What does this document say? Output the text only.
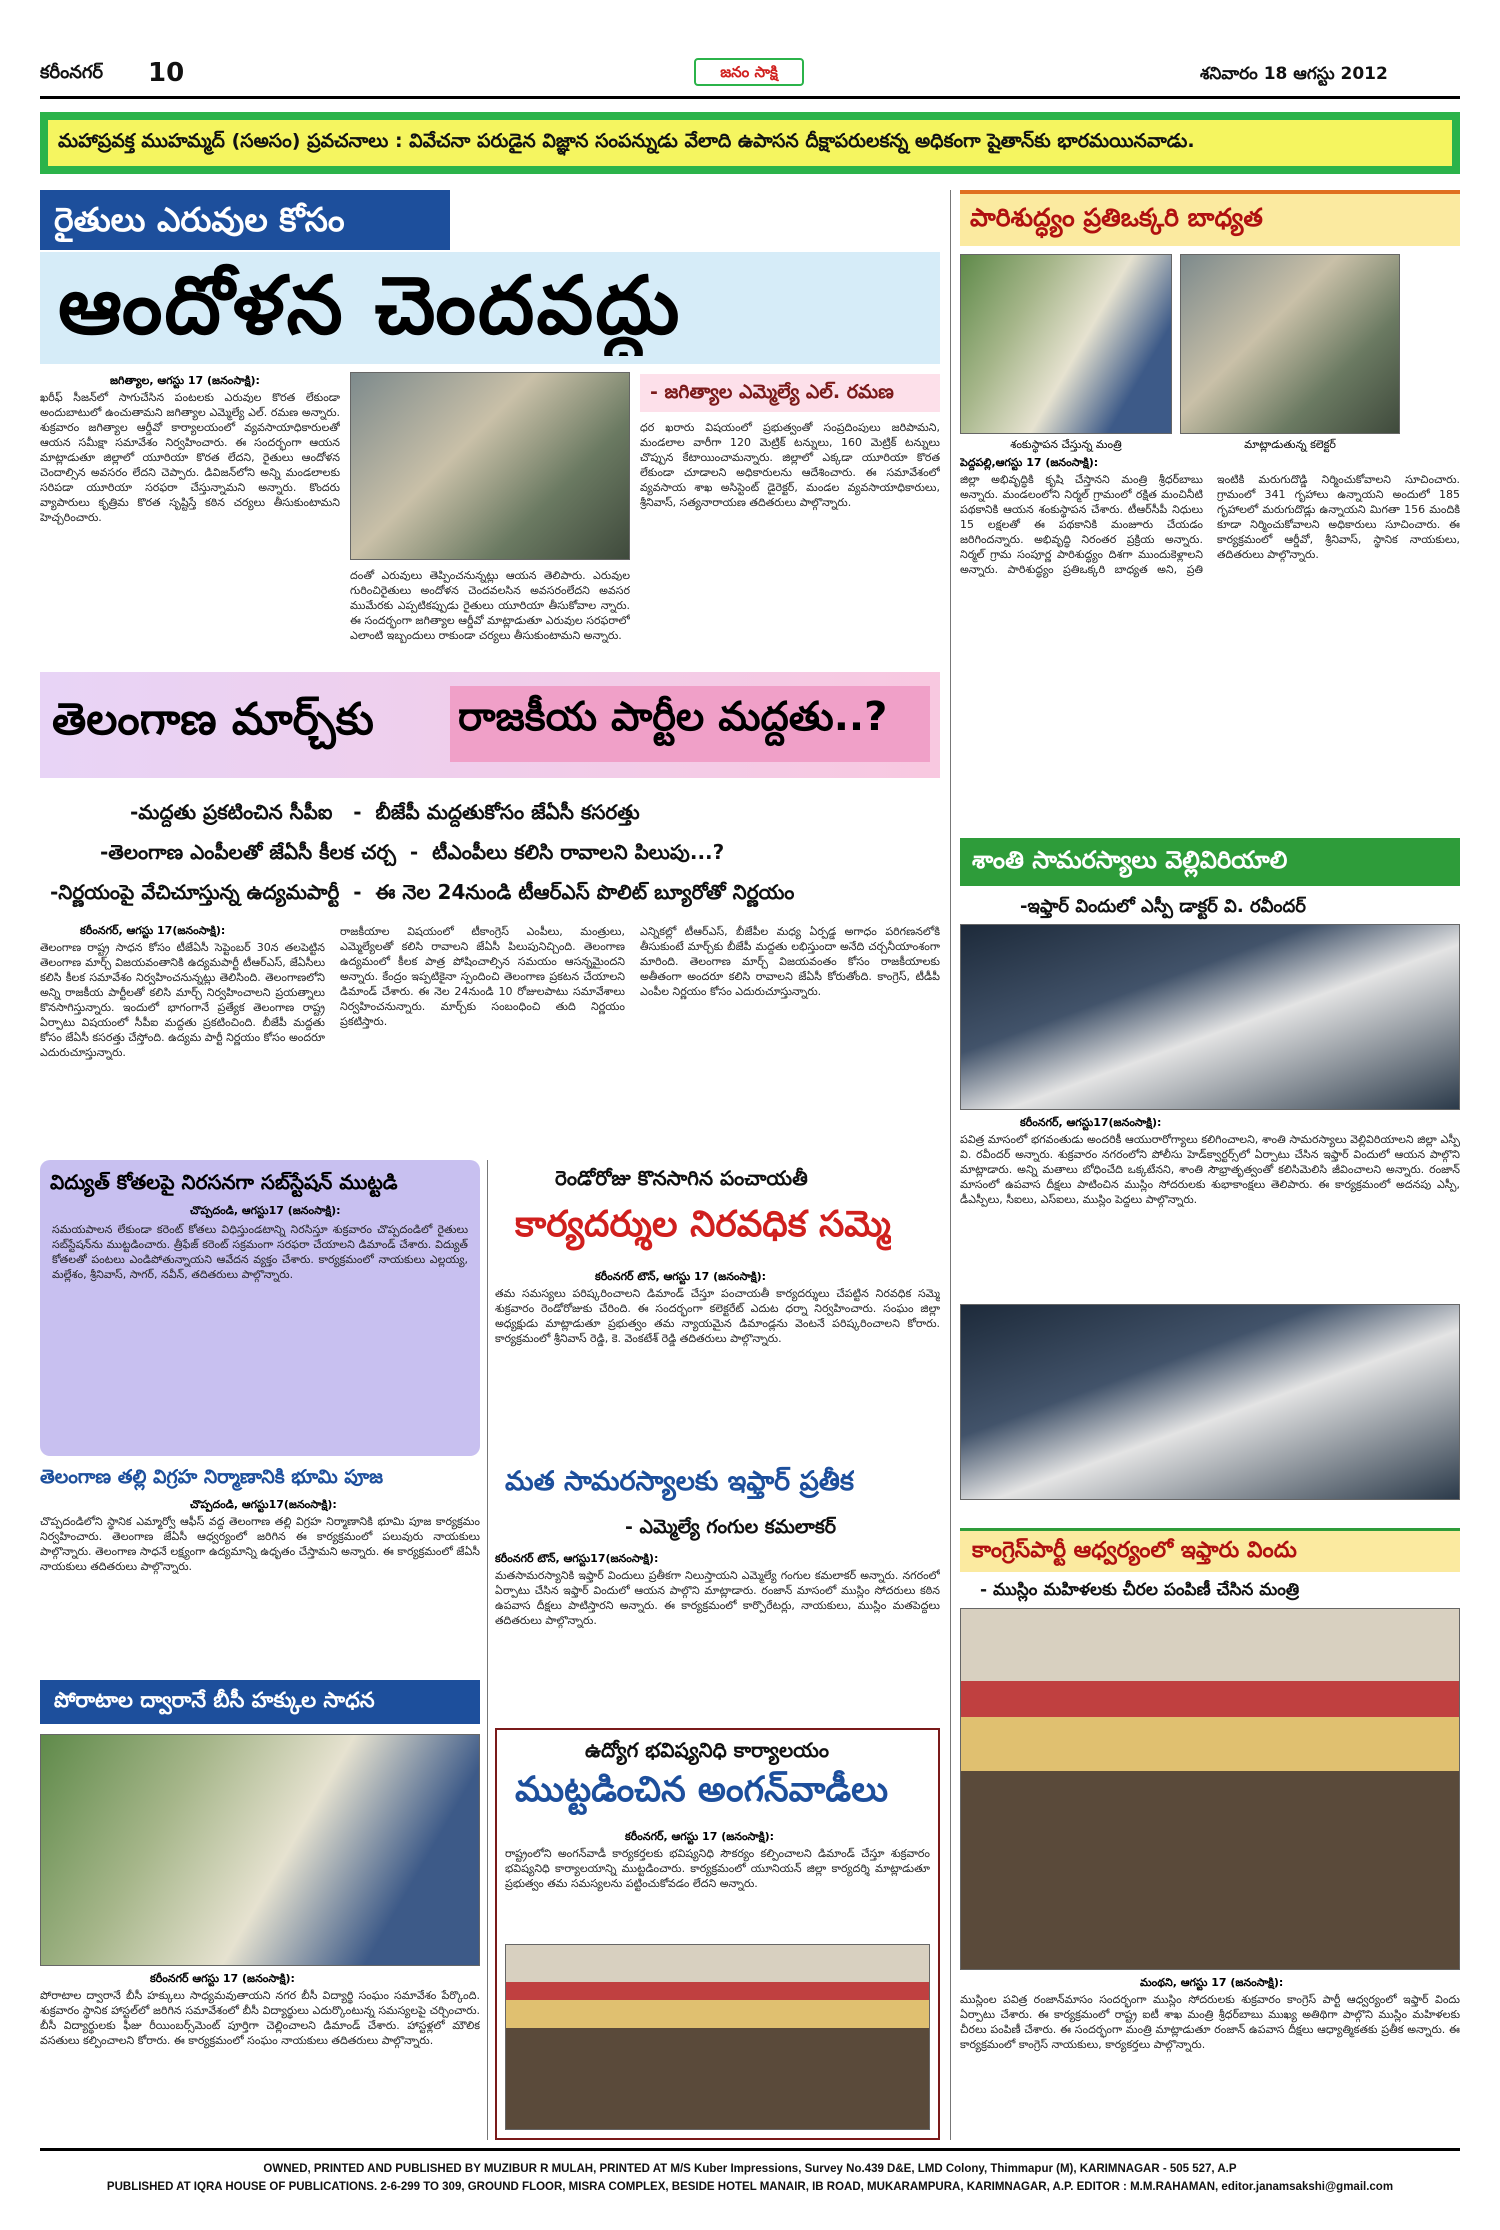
కరీంనగర్ 10	జనం సాక్షి	శనివారం 18 ఆగస్టు 2012
మహాప్రవక్త ముహమ్మద్ (సఅసం) ప్రవచనాలు : వివేచనా పరుడైన విజ్ఞాన సంపన్నుడు వేలాది ఉపాసన దీక్షాపరులకన్న అధికంగా షైతాన్‌కు భారమయినవాడు.
రైతులు ఎరువుల కోసం
ఆందోళన చెందవద్దు
జగిత్యాల, ఆగస్టు 17 (జనంసాక్షి):

ఖరీఫ్ సీజన్‌లో సాగుచేసిన పంటలకు ఎరువుల కొరత లేకుండా అందుబాటులో ఉంచుతామని జగిత్యాల ఎమ్మెల్యే ఎల్. రమణ అన్నారు. శుక్రవారం జగిత్యాల ఆర్డీవో కార్యాలయంలో వ్యవసాయాధికారులతో ఆయన సమీక్షా సమావేశం నిర్వహించారు. ఈ సందర్భంగా ఆయన మాట్లాడుతూ జిల్లాలో యూరియా కొరత లేదని, రైతులు ఆందోళన చెందాల్సిన అవసరం లేదని చెప్పారు. డివిజన్‌లోని అన్ని మండలాలకు సరిపడా యూరియా సరఫరా చేస్తున్నామని అన్నారు. కొందరు వ్యాపారులు కృత్రిమ కొరత సృష్టిస్తే కఠిన చర్యలు తీసుకుంటామని హెచ్చరించారు.

దంతో ఎరువులు తెప్పించనున్నట్లు ఆయన తెలిపారు. ఎరువుల గురించిరైతులు అందోళన చెందవలసిన అవసరంలేదని అవసర ముమేరకు ఎప్పటికప్పుడు రైతులు యూరియా తీసుకోవాల న్నారు. ఈ సందర్భంగా జగిత్యాల ఆర్డీవో మాట్లాడుతూ ఎరువుల సరఫరాలో ఎలాంటి ఇబ్బందులు రాకుండా చర్యలు తీసుకుంటామని అన్నారు.

- జగిత్యాల ఎమ్మెల్యే ఎల్. రమణ

ధర ఖరారు విషయంలో ప్రభుత్వంతో సంప్రదింపులు జరిపామని, మండలాల వారీగా 120 మెట్రిక్ టన్నులు, 160 మెట్రిక్ టన్నులు చొప్పున కేటాయించామన్నారు. జిల్లాలో ఎక్కడా యూరియా కొరత లేకుండా చూడాలని అధికారులను ఆదేశించారు. ఈ సమావేశంలో వ్యవసాయ శాఖ అసిస్టెంట్ డైరెక్టర్, మండల వ్యవసాయాధికారులు, శ్రీనివాస్, సత్యనారాయణ తదితరులు పాల్గొన్నారు.

పారిశుద్ధ్యం ప్రతిఒక్కరి బాధ్యత
శంకుస్థాపన చేస్తున్న మంత్రి	మాట్లాడుతున్న కలెక్టర్
పెద్దపల్లి,ఆగస్టు 17 (జనంసాక్షి):

జిల్లా అభివృద్ధికి కృషి చేస్తానని మంత్రి శ్రీధర్‌బాబు అన్నారు. మండలంలోని నిర్మల్ గ్రామంలో రక్షిత మంచినీటి పథకానికి ఆయన శంకుస్థాపన చేశారు. టీఆర్‌సీపీ నిధులు 15 లక్షలతో ఈ పథకానికి మంజూరు చేయడం జరిగిందన్నారు. అభివృద్ధి నిరంతర ప్రక్రియ అన్నారు. నిర్మల్ గ్రామ సంపూర్ణ పారిశుద్ధ్యం దిశగా ముందుకెళ్లాలని అన్నారు. పారిశుద్ధ్యం ప్రతిఒక్కరి బాధ్యత అని, ప్రతి ఇంటికి మరుగుదొడ్డి నిర్మించుకోవాలని సూచించారు. గ్రామంలో 341 గృహాలు ఉన్నాయని అందులో 185 గృహాలలో మరుగుదొడ్లు ఉన్నాయని మిగతా 156 మందికి కూడా నిర్మించుకోవాలని అధికారులు సూచించారు. ఈ కార్యక్రమంలో ఆర్డీవో, శ్రీనివాస్, స్థానిక నాయకులు, తదితరులు పాల్గొన్నారు.

తెలంగాణ మార్చ్‌కు రాజకీయ పార్టీల మద్దతు..?

-మద్దతు ప్రకటించిన సీపీఐ   -  బీజేపీ మద్దతుకోసం జేఏసీ కసరత్తు

-తెలంగాణ ఎంపీలతో జేఏసీ కీలక చర్చ  -  టీఎంపీలు కలిసి రావాలని పిలుపు...?

-నిర్ణయంపై వేచిచూస్తున్న ఉద్యమపార్టీ  -  ఈ నెల 24నుండి టీఆర్‌ఎస్ పొలిట్ బ్యూరోతో నిర్ణయం

కరీంనగర్, ఆగస్టు 17(జనంసాక్షి):

తెలంగాణ రాష్ట్ర సాధన కోసం టీజేఏసీ సెప్టెంబర్ 30న తలపెట్టిన తెలంగాణ మార్చ్ విజయవంతానికి ఉద్యమపార్టీ టీఆర్‌ఎస్, జేఏసీలు కలిసి కీలక సమావేశం నిర్వహించనున్నట్లు తెలిసింది. తెలంగాణలోని అన్ని రాజకీయ పార్టీలతో కలిసి మార్చ్ నిర్వహించాలని ప్రయత్నాలు కొనసాగిస్తున్నారు. ఇందులో భాగంగానే ప్రత్యేక తెలంగాణ రాష్ట్ర ఏర్పాటు విషయంలో సీపీఐ మద్దతు ప్రకటించింది. బీజేపీ మద్దతు కోసం జేఏసీ కసరత్తు చేస్తోంది. ఉద్యమ పార్టీ నిర్ణయం కోసం అందరూ ఎదురుచూస్తున్నారు.

రాజకీయాల విషయంలో టీకాంగ్రెస్ ఎంపీలు, మంత్రులు, ఎమ్మెల్యేలతో కలిసి రావాలని జేఏసీ పిలుపునిచ్చింది. తెలంగాణ ఉద్యమంలో కీలక పాత్ర పోషించాల్సిన సమయం ఆసన్నమైందని అన్నారు. కేంద్రం ఇప్పటికైనా స్పందించి తెలంగాణ ప్రకటన చేయాలని డిమాండ్ చేశారు. ఈ నెల 24నుండి 10 రోజులపాటు సమావేశాలు నిర్వహించనున్నారు. మార్చ్‌కు సంబంధించి తుది నిర్ణయం ప్రకటిస్తారు.

ఎన్నికల్లో టీఆర్‌ఎస్, బీజేపీల మధ్య ఏర్పడ్డ అగాధం పరిగణనలోకి తీసుకుంటే మార్చ్‌కు బీజేపీ మద్దతు లభిస్తుందా అనేది చర్చనీయాంశంగా మారింది. తెలంగాణ మార్చ్ విజయవంతం కోసం రాజకీయాలకు అతీతంగా అందరూ కలిసి రావాలని జేఏసీ కోరుతోంది. కాంగ్రెస్, టీడీపీ ఎంపీల నిర్ణయం కోసం ఎదురుచూస్తున్నారు.

శాంతి సామరస్యాలు వెల్లివిరియాలి
-ఇఫ్తార్ విందులో ఎస్పీ డాక్టర్ వి. రవీందర్
కరీంనగర్, ఆగస్టు17(జనంసాక్షి):

పవిత్ర మాసంలో భగవంతుడు అందరికీ ఆయురారోగ్యాలు కలిగించాలని, శాంతి సామరస్యాలు వెల్లివిరియాలని జిల్లా ఎస్పీ వి. రవీందర్ అన్నారు. శుక్రవారం నగరంలోని పోలీసు హెడ్‌క్వార్టర్స్‌లో ఏర్పాటు చేసిన ఇఫ్తార్ విందులో ఆయన పాల్గొని మాట్లాడారు. అన్ని మతాలు బోధించేది ఒక్కటేనని, శాంతి సౌభ్రాతృత్వంతో కలిసిమెలిసి జీవించాలని అన్నారు. రంజాన్ మాసంలో ఉపవాస దీక్షలు పాటించిన ముస్లిం సోదరులకు శుభాకాంక్షలు తెలిపారు. ఈ కార్యక్రమంలో అదనపు ఎస్పీ, డీఎస్పీలు, సీఐలు, ఎస్‌ఐలు, ముస్లిం పెద్దలు పాల్గొన్నారు.

విద్యుత్ కోతలపై నిరసనగా సబ్‌స్టేషన్ ముట్టడి
చొప్పదండి, ఆగస్టు17 (జనంసాక్షి):

సమయపాలన లేకుండా కరెంట్ కోతలు విధిస్తుండటాన్ని నిరసిస్తూ శుక్రవారం చొప్పదండిలో రైతులు సబ్‌స్టేషన్‌ను ముట్టడించారు. త్రీఫేజ్ కరెంట్ సక్రమంగా సరఫరా చేయాలని డిమాండ్ చేశారు. విద్యుత్ కోతలతో పంటలు ఎండిపోతున్నాయని ఆవేదన వ్యక్తం చేశారు. కార్యక్రమంలో నాయకులు ఎల్లయ్య, మల్లేశం, శ్రీనివాస్, సాగర్, నవీన్, తదితరులు పాల్గొన్నారు.

రెండోరోజు కొనసాగిన పంచాయతీ
కార్యదర్శుల నిరవధిక సమ్మె
కరీంనగర్ టౌన్, ఆగస్టు 17 (జనంసాక్షి):

తమ సమస్యలు పరిష్కరించాలని డిమాండ్ చేస్తూ పంచాయతీ కార్యదర్శులు చేపట్టిన నిరవధిక సమ్మె శుక్రవారం రెండోరోజుకు చేరింది. ఈ సందర్భంగా కలెక్టరేట్ ఎదుట ధర్నా నిర్వహించారు. సంఘం జిల్లా అధ్యక్షుడు మాట్లాడుతూ ప్రభుత్వం తమ న్యాయమైన డిమాండ్లను వెంటనే పరిష్కరించాలని కోరారు. కార్యక్రమంలో శ్రీనివాస్ రెడ్డి, కె. వెంకటేశ్ రెడ్డి తదితరులు పాల్గొన్నారు.

తెలంగాణ తల్లి విగ్రహ నిర్మాణానికి భూమి పూజ
చొప్పదండి, ఆగస్టు17(జనంసాక్షి):

చొప్పదండిలోని స్థానిక ఎమ్మార్వో ఆఫీస్ వద్ద తెలంగాణ తల్లి విగ్రహ నిర్మాణానికి భూమి పూజ కార్యక్రమం నిర్వహించారు. తెలంగాణ జేఏసీ ఆధ్వర్యంలో జరిగిన ఈ కార్యక్రమంలో పలువురు నాయకులు పాల్గొన్నారు. తెలంగాణ సాధనే లక్ష్యంగా ఉద్యమాన్ని ఉధృతం చేస్తామని అన్నారు. ఈ కార్యక్రమంలో జేఏసీ నాయకులు తదితరులు పాల్గొన్నారు.

మత సామరస్యాలకు ఇఫ్తార్ ప్రతీక
- ఎమ్మెల్యే గంగుల కమలాకర్
కరీంనగర్ టౌన్, ఆగస్టు17(జనంసాక్షి):

మతసామరస్యానికి ఇఫ్తార్ విందులు ప్రతీకగా నిలుస్తాయని ఎమ్మెల్యే గంగుల కమలాకర్ అన్నారు. నగరంలో ఏర్పాటు చేసిన ఇఫ్తార్ విందులో ఆయన పాల్గొని మాట్లాడారు. రంజాన్ మాసంలో ముస్లిం సోదరులు కఠిన ఉపవాస దీక్షలు పాటిస్తారని అన్నారు. ఈ కార్యక్రమంలో కార్పొరేటర్లు, నాయకులు, ముస్లిం మతపెద్దలు తదితరులు పాల్గొన్నారు.

పోరాటాల ద్వారానే బీసీ హక్కుల సాధన
కరీంనగర్ ఆగస్టు 17 (జనంసాక్షి):

పోరాటాల ద్వారానే బీసీ హక్కులు సాధ్యమవుతాయని నగర బీసీ విద్యార్థి సంఘం సమావేశం పేర్కొంది. శుక్రవారం స్థానిక హాస్టల్‌లో జరిగిన సమావేశంలో బీసీ విద్యార్థులు ఎదుర్కొంటున్న సమస్యలపై చర్చించారు. బీసీ విద్యార్థులకు ఫీజు రీయింబర్స్‌మెంట్ పూర్తిగా చెల్లించాలని డిమాండ్ చేశారు. హాస్టళ్లలో మౌలిక వసతులు కల్పించాలని కోరారు. ఈ కార్యక్రమంలో సంఘం నాయకులు తదితరులు పాల్గొన్నారు.

ఉద్యోగ భవిష్యనిధి కార్యాలయం
ముట్టడించిన అంగన్‌వాడీలు
కరీంనగర్, ఆగస్టు 17 (జనంసాక్షి):

రాష్ట్రంలోని అంగన్‌వాడీ కార్యకర్తలకు భవిష్యనిధి సౌకర్యం కల్పించాలని డిమాండ్ చేస్తూ శుక్రవారం భవిష్యనిధి కార్యాలయాన్ని ముట్టడించారు. కార్యక్రమంలో యూనియన్ జిల్లా కార్యదర్శి మాట్లాడుతూ ప్రభుత్వం తమ సమస్యలను పట్టించుకోవడం లేదని అన్నారు.

కాంగ్రెస్‌పార్టీ ఆధ్వర్యంలో ఇఫ్తారు విందు
- ముస్లిం మహిళలకు చీరల పంపిణీ చేసిన మంత్రి
మంథని, ఆగస్టు 17 (జనంసాక్షి):

ముస్లింల పవిత్ర రంజాన్‌మాసం సందర్భంగా ముస్లిం సోదరులకు శుక్రవారం కాంగ్రెస్ పార్టీ ఆధ్వర్యంలో ఇఫ్తార్ విందు ఏర్పాటు చేశారు. ఈ కార్యక్రమంలో రాష్ట్ర ఐటీ శాఖ మంత్రి శ్రీధర్‌బాబు ముఖ్య అతిథిగా పాల్గొని ముస్లిం మహిళలకు చీరలు పంపిణీ చేశారు. ఈ సందర్భంగా మంత్రి మాట్లాడుతూ రంజాన్ ఉపవాస దీక్షలు ఆధ్యాత్మికతకు ప్రతీక అన్నారు. ఈ కార్యక్రమంలో కాంగ్రెస్ నాయకులు, కార్యకర్తలు పాల్గొన్నారు.

OWNED, PRINTED AND PUBLISHED BY MUZIBUR R MULAH, PRINTED AT M/S Kuber Impressions, Survey No.439 D&E, LMD Colony, Thimmapur (M), KARIMNAGAR - 505 527, A.P

PUBLISHED AT IQRA HOUSE OF PUBLICATIONS. 2-6-299 TO 309, GROUND FLOOR, MISRA COMPLEX, BESIDE HOTEL MANAIR, IB ROAD, MUKARAMPURA, KARIMNAGAR, A.P. EDITOR : M.M.RAHAMAN, editor.janamsakshi@gmail.com
